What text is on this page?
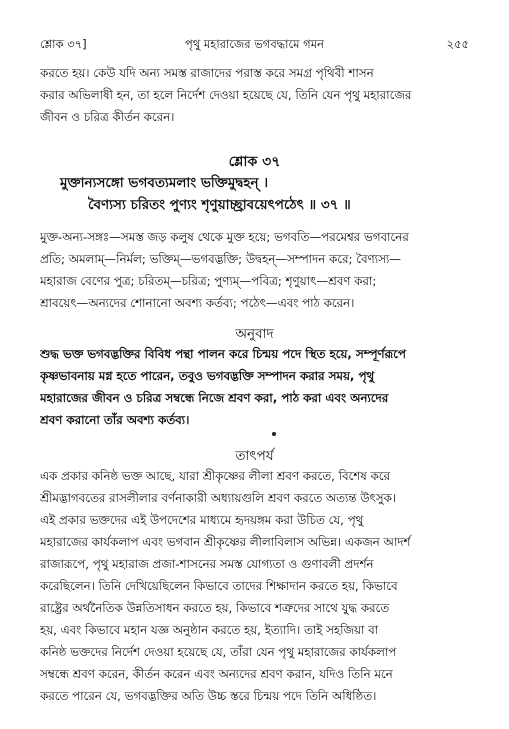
শ্লোক ৩৭]	পৃথু মহারাজের ভগবদ্ধামে গমন	২৫৫
করতে হয়। কেউ যদি অন্য সমস্ত রাজাদের পরাস্ত করে সমগ্র পৃথিবী শাসন
করার অভিলাষী হন, তা হলে নির্দেশ দেওয়া হয়েছে যে, তিনি যেন পৃথু মহারাজের
জীবন ও চরিত্র কীর্তন করেন।
শ্লোক ৩৭
মুক্তান্যসঙ্গো ভগবত্যমলাং ভক্তিমুদ্বহন্ ।
বৈণ্যস্য চরিতং পুণ্যং শৃণুয়াচ্ছ্রাবয়েৎপঠেৎ ॥ ৩৭ ॥
মুক্ত-অন্য-সঙ্গঃ—সমস্ত জড় কলুষ থেকে মুক্ত হয়ে; ভগবতি—পরমেশ্বর ভগবানের
প্রতি; অমলাম্—নির্মল; ভক্তিম্—ভগবদ্ভক্তি; উদ্বহন্—সম্পাদন করে; বৈণ্যস্য—
মহারাজ বেণের পুত্র; চরিতম্—চরিত্র; পুণ্যম্—পবিত্র; শৃণুয়াৎ—শ্রবণ করা;
শ্রাবয়েৎ—অন্যদের শোনানো অবশ্য কর্তব্য; পঠেৎ—এবং পাঠ করেন।
অনুবাদ
শুদ্ধ ভক্ত ভগবদ্ভক্তির বিবিধ পন্থা পালন করে চিন্ময় পদে স্থিত হয়ে, সম্পূর্ণরূপে
কৃষ্ণভাবনায় মগ্ন হতে পারেন, তবুও ভগবদ্ভক্তি সম্পাদন করার সময়, পৃথু
মহারাজের জীবন ও চরিত্র সম্বন্ধে নিজে শ্রবণ করা, পাঠ করা এবং অন্যদের
শ্রবণ করানো তাঁর অবশ্য কর্তব্য।
তাৎপর্য
এক প্রকার কনিষ্ঠ ভক্ত আছে, যারা শ্রীকৃষ্ণের লীলা শ্রবণ করতে, বিশেষ করে
শ্রীমদ্ভাগবতের রাসলীলার বর্ণনাকারী অধ্যায়গুলি শ্রবণ করতে অত্যন্ত উৎসুক।
এই প্রকার ভক্তদের এই উপদেশের মাধ্যমে হৃদয়ঙ্গম করা উচিত যে, পৃথু
মহারাজের কার্যকলাপ এবং ভগবান শ্রীকৃষ্ণের লীলাবিলাস অভিন্ন। একজন আদর্শ
রাজারূপে, পৃথু মহারাজ প্রজা-শাসনের সমস্ত যোগ্যতা ও গুণাবলী প্রদর্শন
করেছিলেন। তিনি দেখিয়েছিলেন কিভাবে তাদের শিক্ষাদান করতে হয়, কিভাবে
রাষ্ট্রের অর্থনৈতিক উন্নতিসাধন করতে হয়, কিভাবে শত্রুদের সাথে যুদ্ধ করতে
হয়, এবং কিভাবে মহান যজ্ঞ অনুষ্ঠান করতে হয়, ইত্যাদি। তাই সহজিয়া বা
কনিষ্ঠ ভক্তদের নির্দেশ দেওয়া হয়েছে যে, তাঁরা যেন পৃথু মহারাজের কার্যকলাপ
সম্বন্ধে শ্রবণ করেন, কীর্তন করেন এবং অন্যদের শ্রবণ করান, যদিও তিনি মনে
করতে পারেন যে, ভগবদ্ভক্তির অতি উচ্চ স্তরে চিন্ময় পদে তিনি অধিষ্ঠিত।
